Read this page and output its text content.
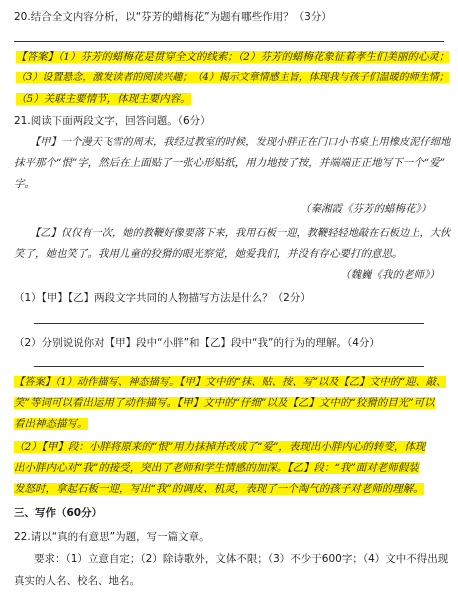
20.结合全文内容分析，以“芬芳的蜡梅花”为题有哪些作用？（3分）
【答案】（1）芬芳的蜡梅花是贯穿全文的线索；（2）芬芳的蜡梅花象征着孝生们美丽的心灵；
（3）设置悬念，激发读者的阅读兴趣；（4）揭示文章情感主旨，体现我与孩子们温暖的师生情；
（5）关联主要情节，体现主要内容。
21.阅读下面两段文字，回答问题。（6分）
【甲】一个漫天飞雪的周末，我经过教室的时候，发现小胖正在门口小书桌上用橡皮泥仔细地
抹平那个“恨”字，然后在上面贴了一张心形贴纸，用力地按了按，并端端正正地写下一个“爱”
字。
（秦湘霞《芬芳的蜡梅花》）
【乙】仅仅有一次，她的教鞭好像要落下来，我用石板一迎，教鞭轻轻地敲在石板边上，大伙
笑了，她也笑了。我用儿童的狡猾的眼光察觉，她爱我们，并没有存心要打的意思。
（魏巍《我的老师》）
（1）【甲】【乙】两段文字共同的人物描写方法是什么？（2分）
（2）分别说说你对【甲】段中“小胖”和【乙】段中“我”的行为的理解。（4分）
【答案】（1）动作描写、神态描写。【甲】文中的“抹、贴、按、写”以及【乙】文中的“迎、敲、
笑”等词可以看出运用了动作描写。【甲】文中的“仔细”以及【乙】文中的“狡猾的目光”可以
看出神态描写。
（2）【甲】段：小胖将原来的“恨”用力抹掉并改成了“爱”，表现出小胖内心的转变，体现
出小胖内心对“我”的接受，突出了老师和学生情感的加深。【乙】段：“我”面对老师假装
发怒时，拿起石板一迎，写出“我”的调皮、机灵，表现了一个淘气的孩子对老师的理解。
三、写作（60分）
22.请以“真的有意思”为题，写一篇文章。
要求：（1）立意自定；（2）除诗歌外，文体不限；（3）不少于600字；（4）文中不得出现
真实的人名、校名、地名。
